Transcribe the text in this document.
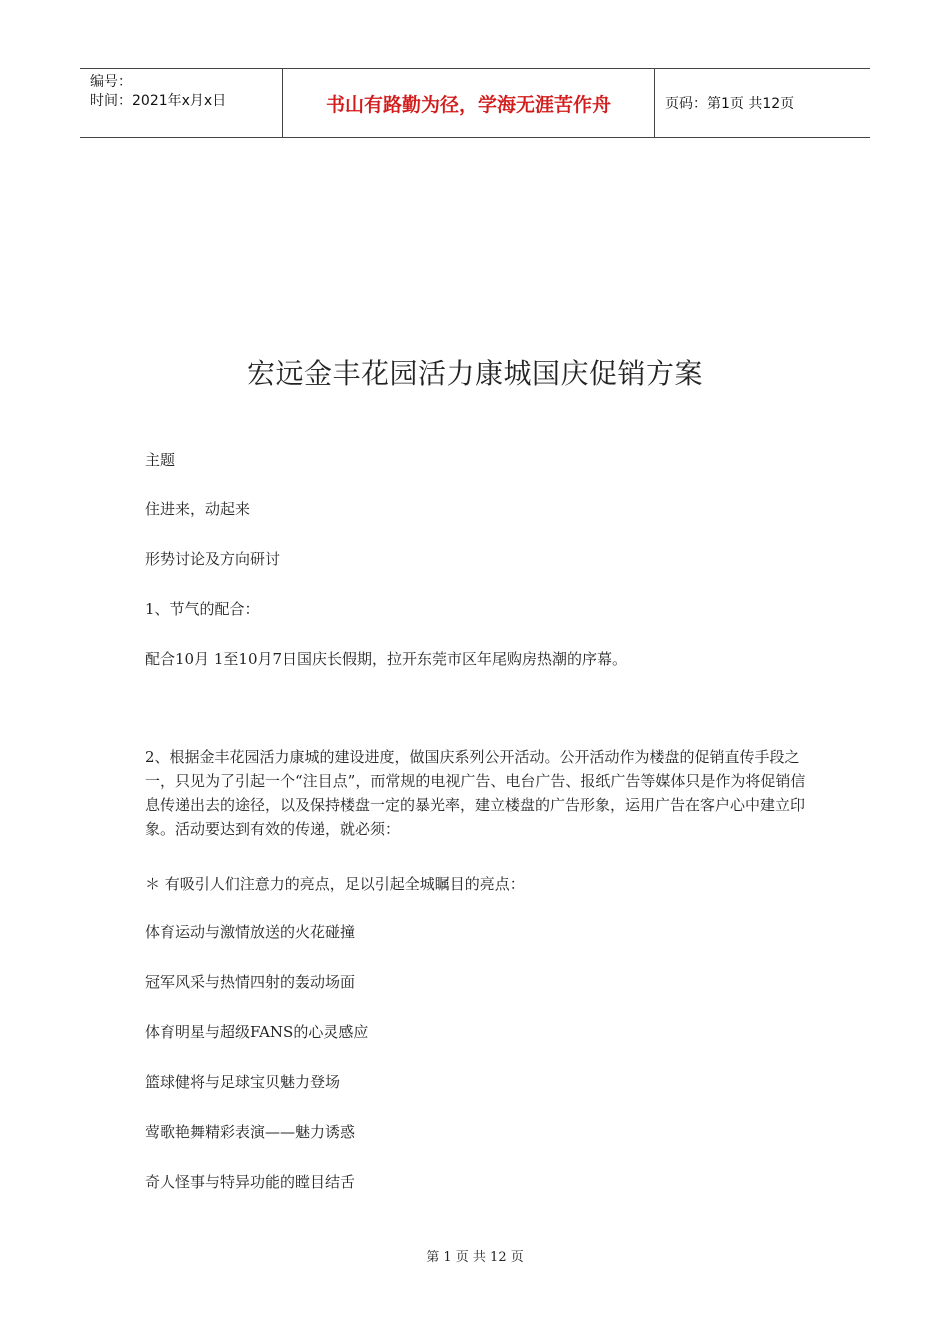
编号：
时间：2021年x月x日	书山有路勤为径，学海无涯苦作舟	页码：第1页 共12页
宏远金丰花园活力康城国庆促销方案
主题
住进来，动起来
形势讨论及方向研讨
1、节气的配合：
配合10月 1至10月7日国庆长假期，拉开东莞市区年尾购房热潮的序幕。
2、根据金丰花园活力康城的建设进度，做国庆系列公开活动。公开活动作为楼盘的促销直传手段之一，只见为了引起一个“注目点”，而常规的电视广告、电台广告、报纸广告等媒体只是作为将促销信息传递出去的途径，以及保持楼盘一定的暴光率，建立楼盘的广告形象，运用广告在客户心中建立印象。活动要达到有效的传递，就必须：
＊ 有吸引人们注意力的亮点，足以引起全城瞩目的亮点：
体育运动与激情放送的火花碰撞
冠军风采与热情四射的轰动场面
体育明星与超级FANS的心灵感应
篮球健将与足球宝贝魅力登场
莺歌艳舞精彩表演——魅力诱惑
奇人怪事与特异功能的瞠目结舌
第 1 页 共 12 页
